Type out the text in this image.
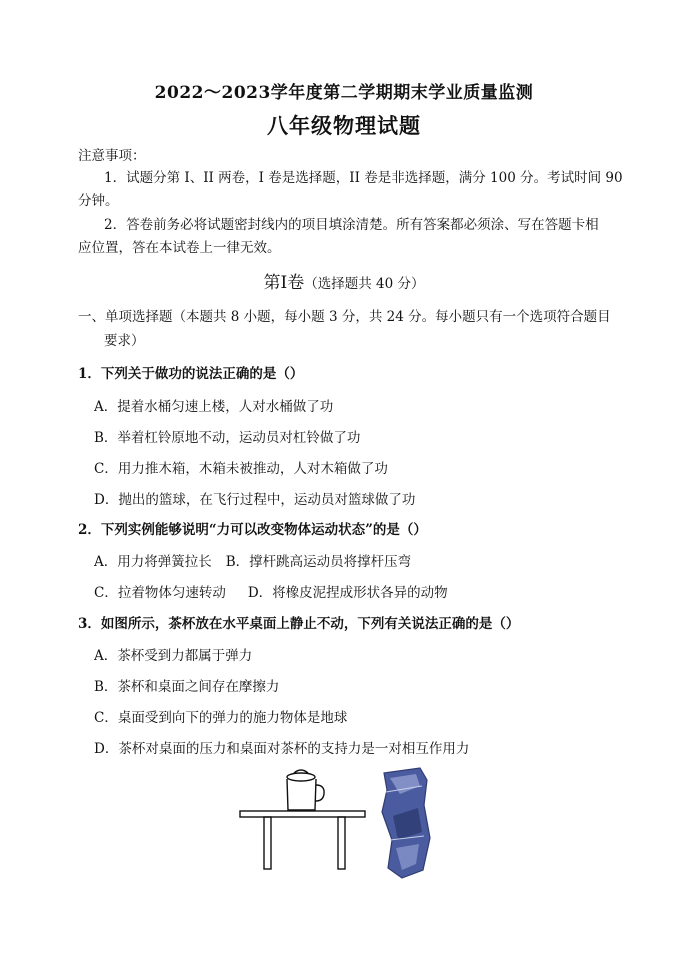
2022～2023学年度第二学期期末学业质量监测
八年级物理试题
注意事项：
1．试题分第 I、II 两卷，I 卷是选择题，II 卷是非选择题，满分 100 分。考试时间 90
分钟。
2．答卷前务必将试题密封线内的项目填涂清楚。所有答案都必须涂、写在答题卡相
应位置，答在本试卷上一律无效。
第Ⅰ卷（选择题共 40 分）
一、单项选择题（本题共 8 小题，每小题 3 分，共 24 分。每小题只有一个选项符合题目
要求）
1．下列关于做功的说法正确的是（）
A．提着水桶匀速上楼，人对水桶做了功
B．举着杠铃原地不动，运动员对杠铃做了功
C．用力推木箱，木箱未被推动，人对木箱做了功
D．抛出的篮球，在飞行过程中，运动员对篮球做了功
2．下列实例能够说明“力可以改变物体运动状态”的是（）
A．用力将弹簧拉长 B．撑杆跳高运动员将撑杆压弯
C．拉着物体匀速转动 D．将橡皮泥捏成形状各异的动物
3．如图所示，茶杯放在水平桌面上静止不动，下列有关说法正确的是（）
A．茶杯受到力都属于弹力
B．茶杯和桌面之间存在摩擦力
C．桌面受到向下的弹力的施力物体是地球
D．茶杯对桌面的压力和桌面对茶杯的支持力是一对相互作用力
